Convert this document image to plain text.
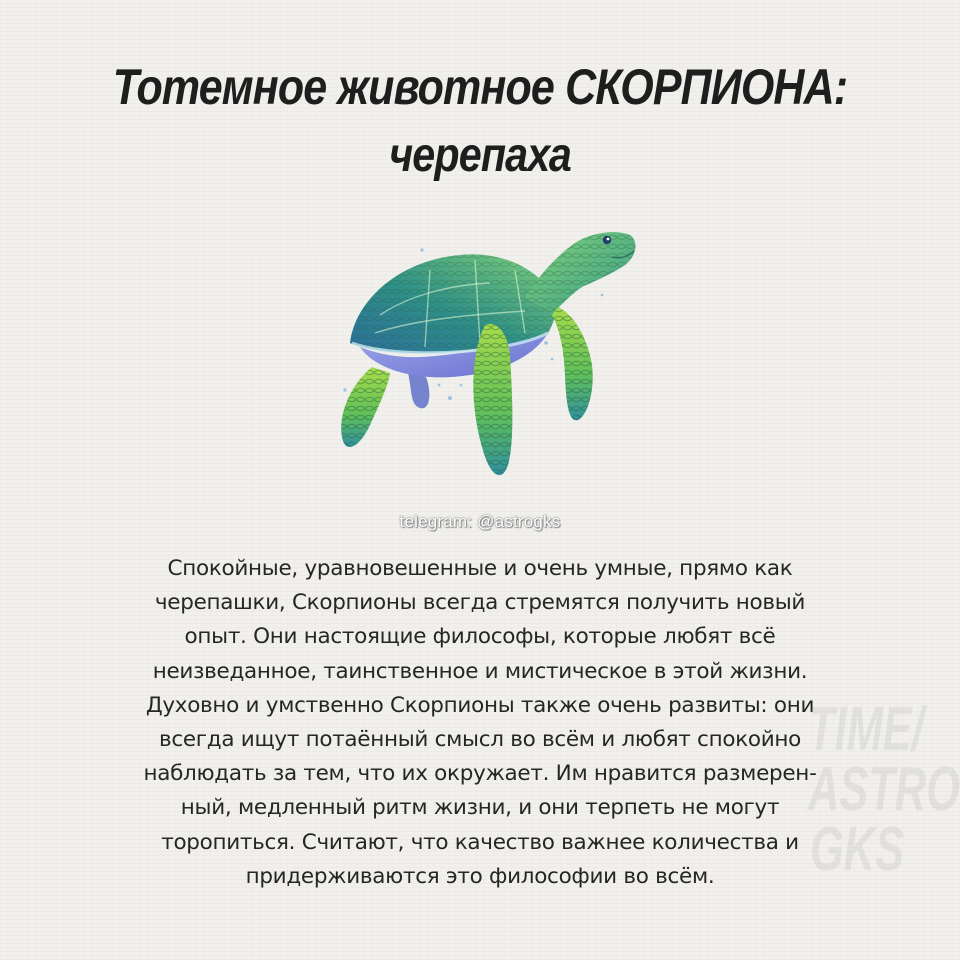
Тотемное животное СКОРПИОНА:
черепаха
telegram: @astrogks
Спокойные, уравновешенные и очень умные, прямо как
черепашки, Скорпионы всегда стремятся получить новый
опыт. Они настоящие философы, которые любят всё
неизведанное, таинственное и мистическое в этой жизни.
Духовно и умственно Скорпионы также очень развиты: они
всегда ищут потаённый смысл во всём и любят спокойно
наблюдать за тем, что их окружает. Им нравится размерен-
ный, медленный ритм жизни, и они терпеть не могут
торопиться. Считают, что качество важнее количества и
придерживаются это философии во всём.
TIME/
ASTRO
GKS
